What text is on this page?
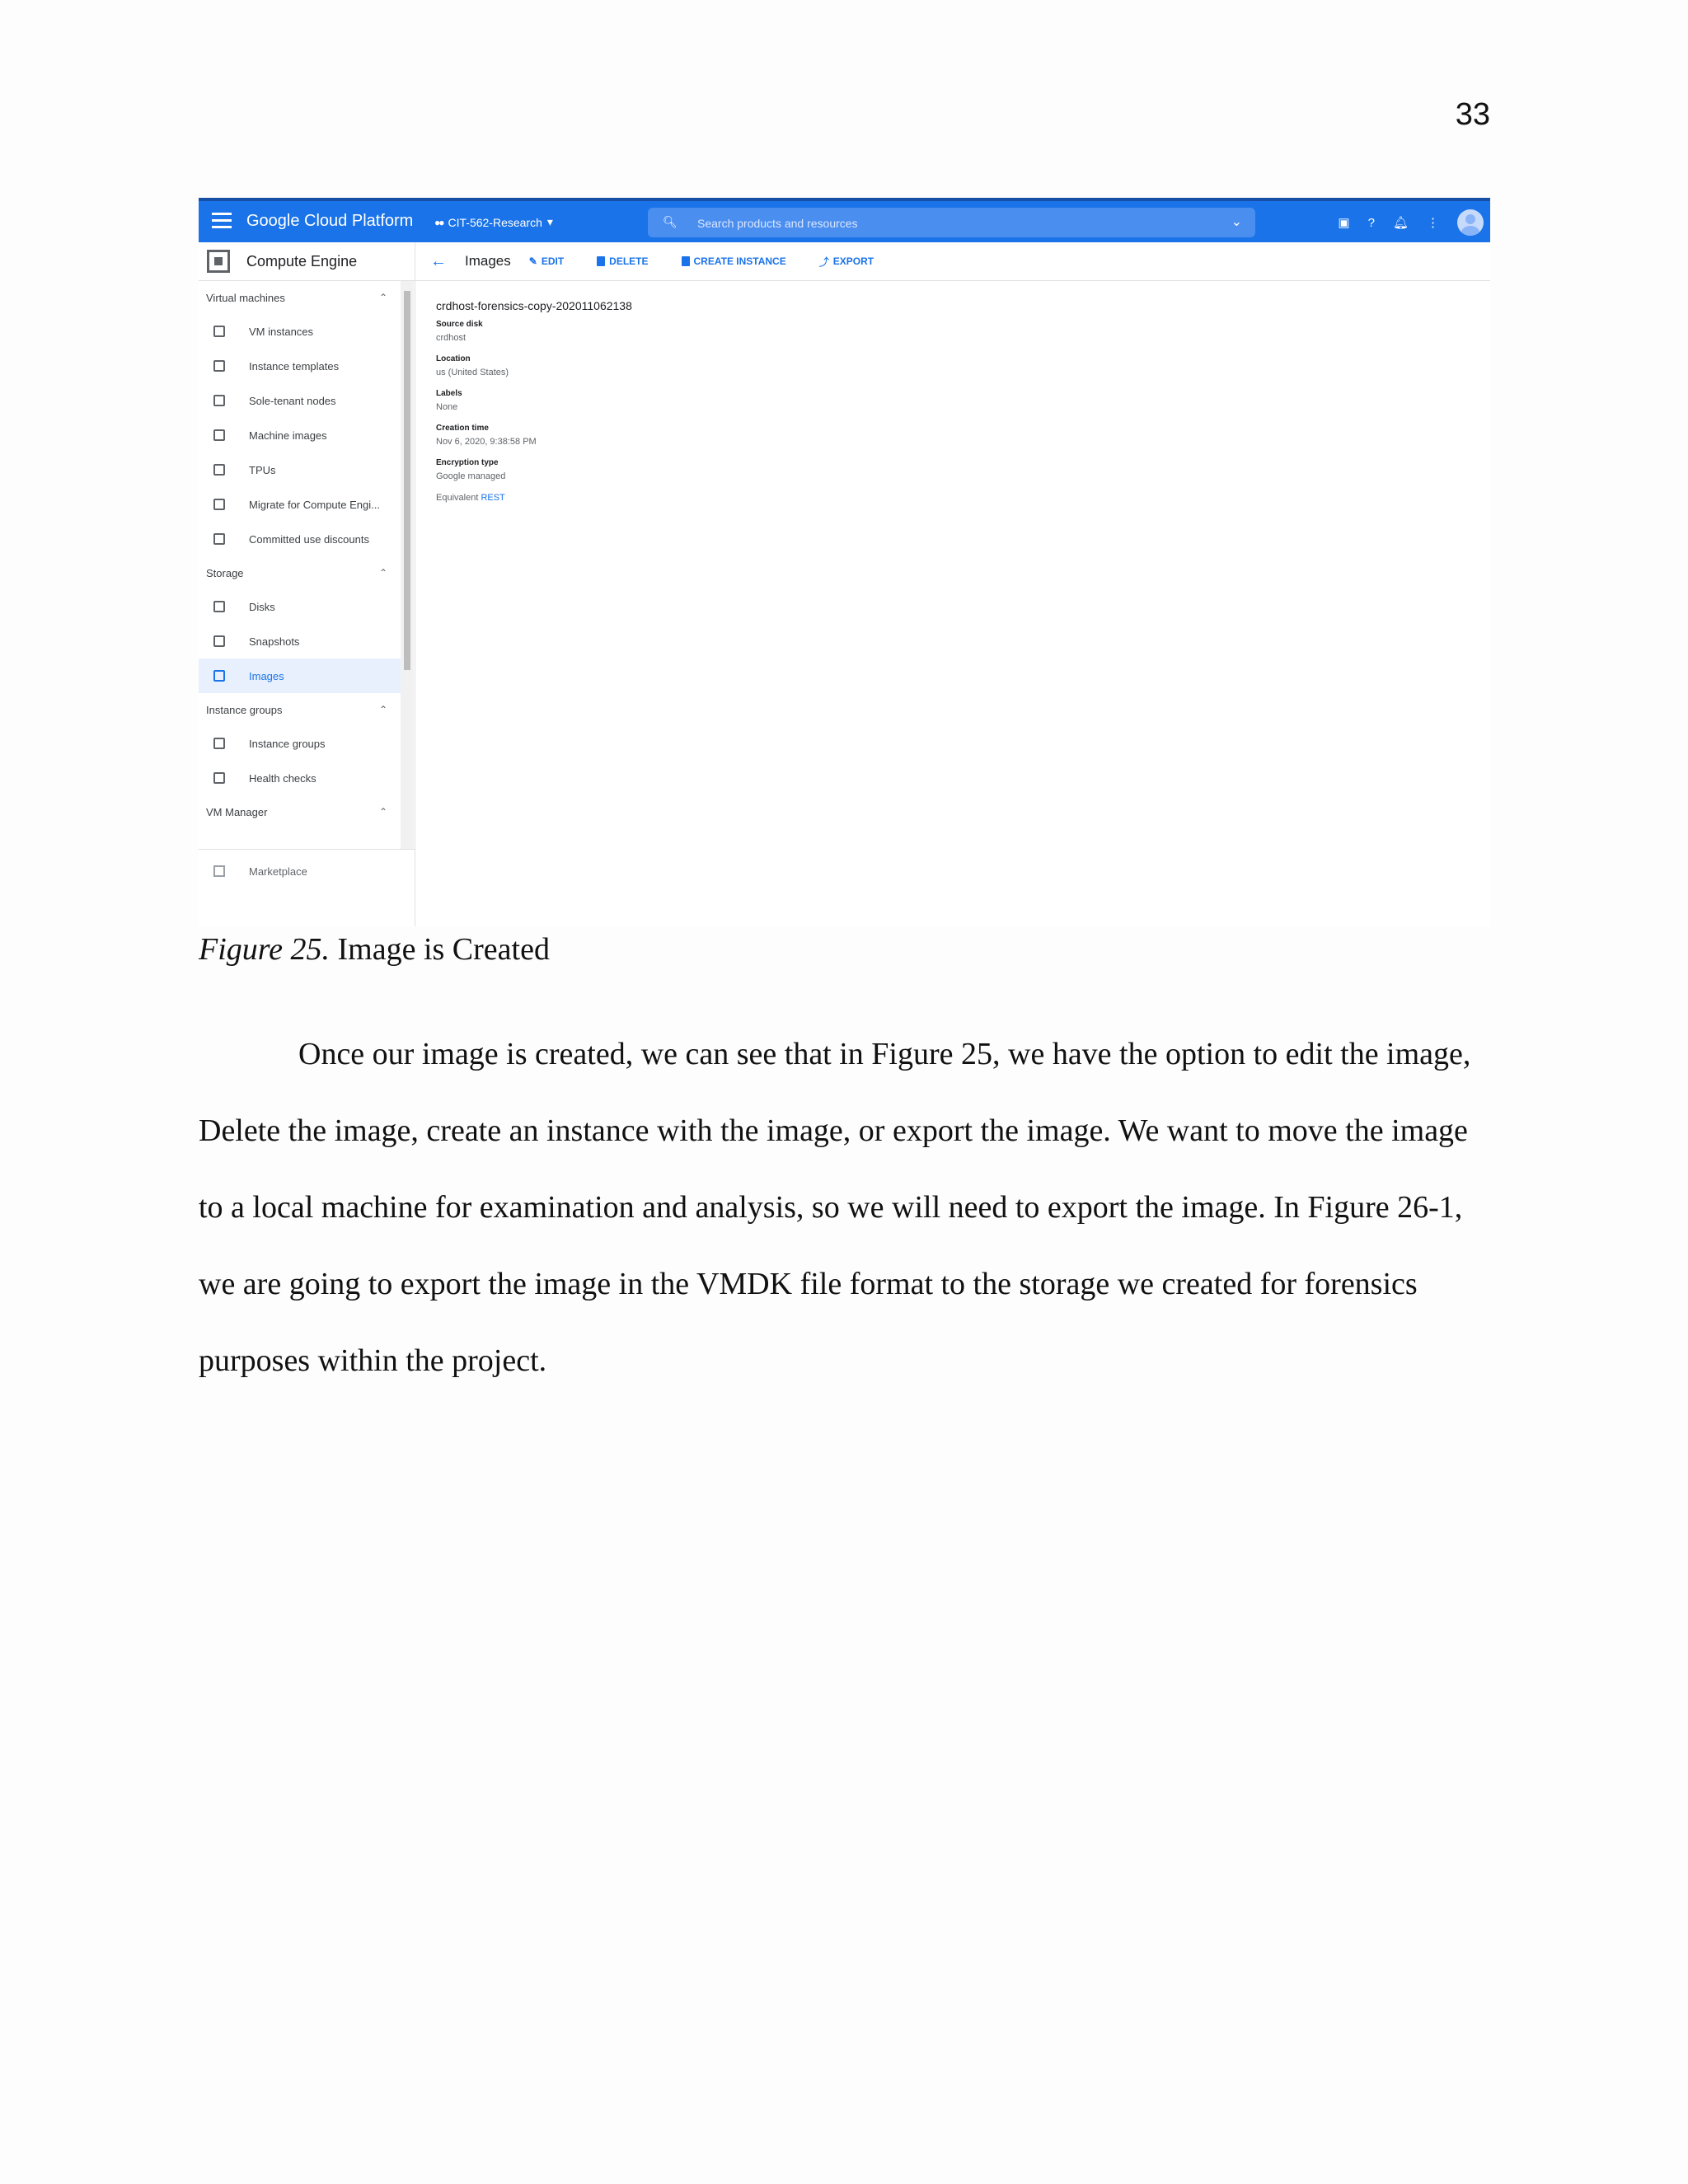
33
Google Cloud Platform ●● CIT-562-Research ▾	🔍︎
Search products and resources	⌄	▣ ? 🔔︎ ⋮
Compute Engine
Virtual machines	⌃
VM instances
Instance templates
Sole-tenant nodes
Machine images
TPUs
Migrate for Compute Engi...
Committed use discounts
Storage	⌃
Disks
Snapshots
Images
Instance groups	⌃
Instance groups
Health checks
VM Manager	⌃
Marketplace
← Images ✎ EDIT	DELETE	CREATE INSTANCE	⤴ EXPORT
crdhost-forensics-copy-202011062138
Source disk
crdhost
Location
us (United States)
Labels
None
Creation time
Nov 6, 2020, 9:38:58 PM
Encryption type
Google managed
Equivalent REST
Figure 25. Image is Created

Once our image is created, we can see that in Figure 25, we have the option to edit the image, Delete the image, create an instance with the image, or export the image. We want to move the image to a local machine for examination and analysis, so we will need to export the image. In Figure 26-1, we are going to export the image in the VMDK file format to the storage we created for forensics purposes within the project.
